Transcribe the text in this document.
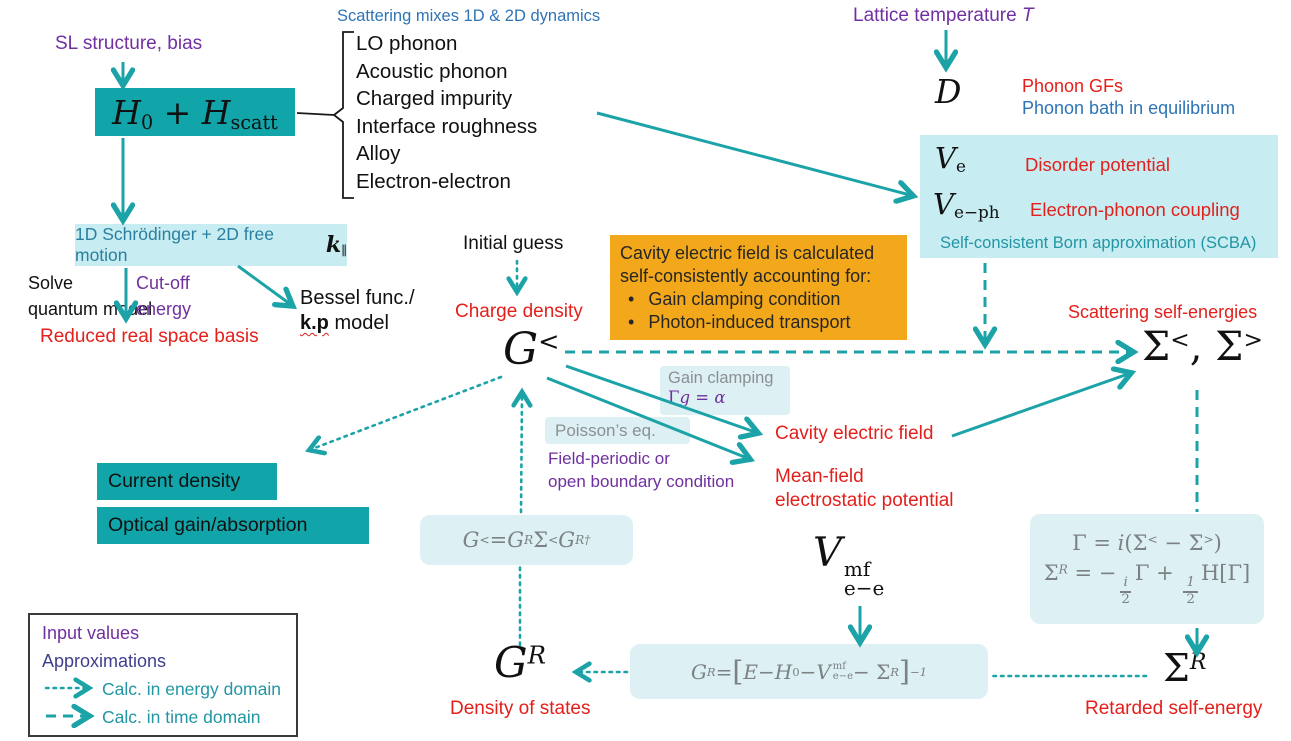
SL structure, bias
$H_0 + H_{scatt}$
Scattering mixes 1D & 2D dynamics
LO phonon
Acoustic phonon
Charged impurity
Interface roughness
Alloy
Electron-electron
Lattice temperature T
D	Phonon GFs
Phonon bath in equilibrium
$V_e$	Disorder potential
$V_{e-ph}$ Electron-phonon coupling
Self-consistent Born approximation (SCBA)
1D Schrödinger + 2D free motion	$k_\parallel$
Solve
quantum model
Cut-off
energy
Reduced real space basis
Bessel func./
k.p model
Initial guess
Charge density
G<
Cavity electric field is calculated
self-consistently accounting for:
• Gain clamping condition
• Photon-induced transport	Scattering self-energies
Σ<, Σ>
Gain clamping
Γg = α
Cavity electric field
Mean-field
electrostatic potential
Poisson’s eq.
Field-periodic or
open boundary condition
Current density
Optical gain/absorption
G < = G R Σ < G R†	V mf
e−e
Γ = i(Σ< − Σ>)
$\Sigma^R$ = −
$\frac{i}{2}$
Γ +
$\frac{1}{2}$
H[Γ]
$G^R$
Density of states
G R = [ E − H 0 − V mf
e−e − Σ R ] −1	$\Sigma^R$
Retarded self-energy
Input values
Approximations
Calc. in energy domain
Calc. in time domain
